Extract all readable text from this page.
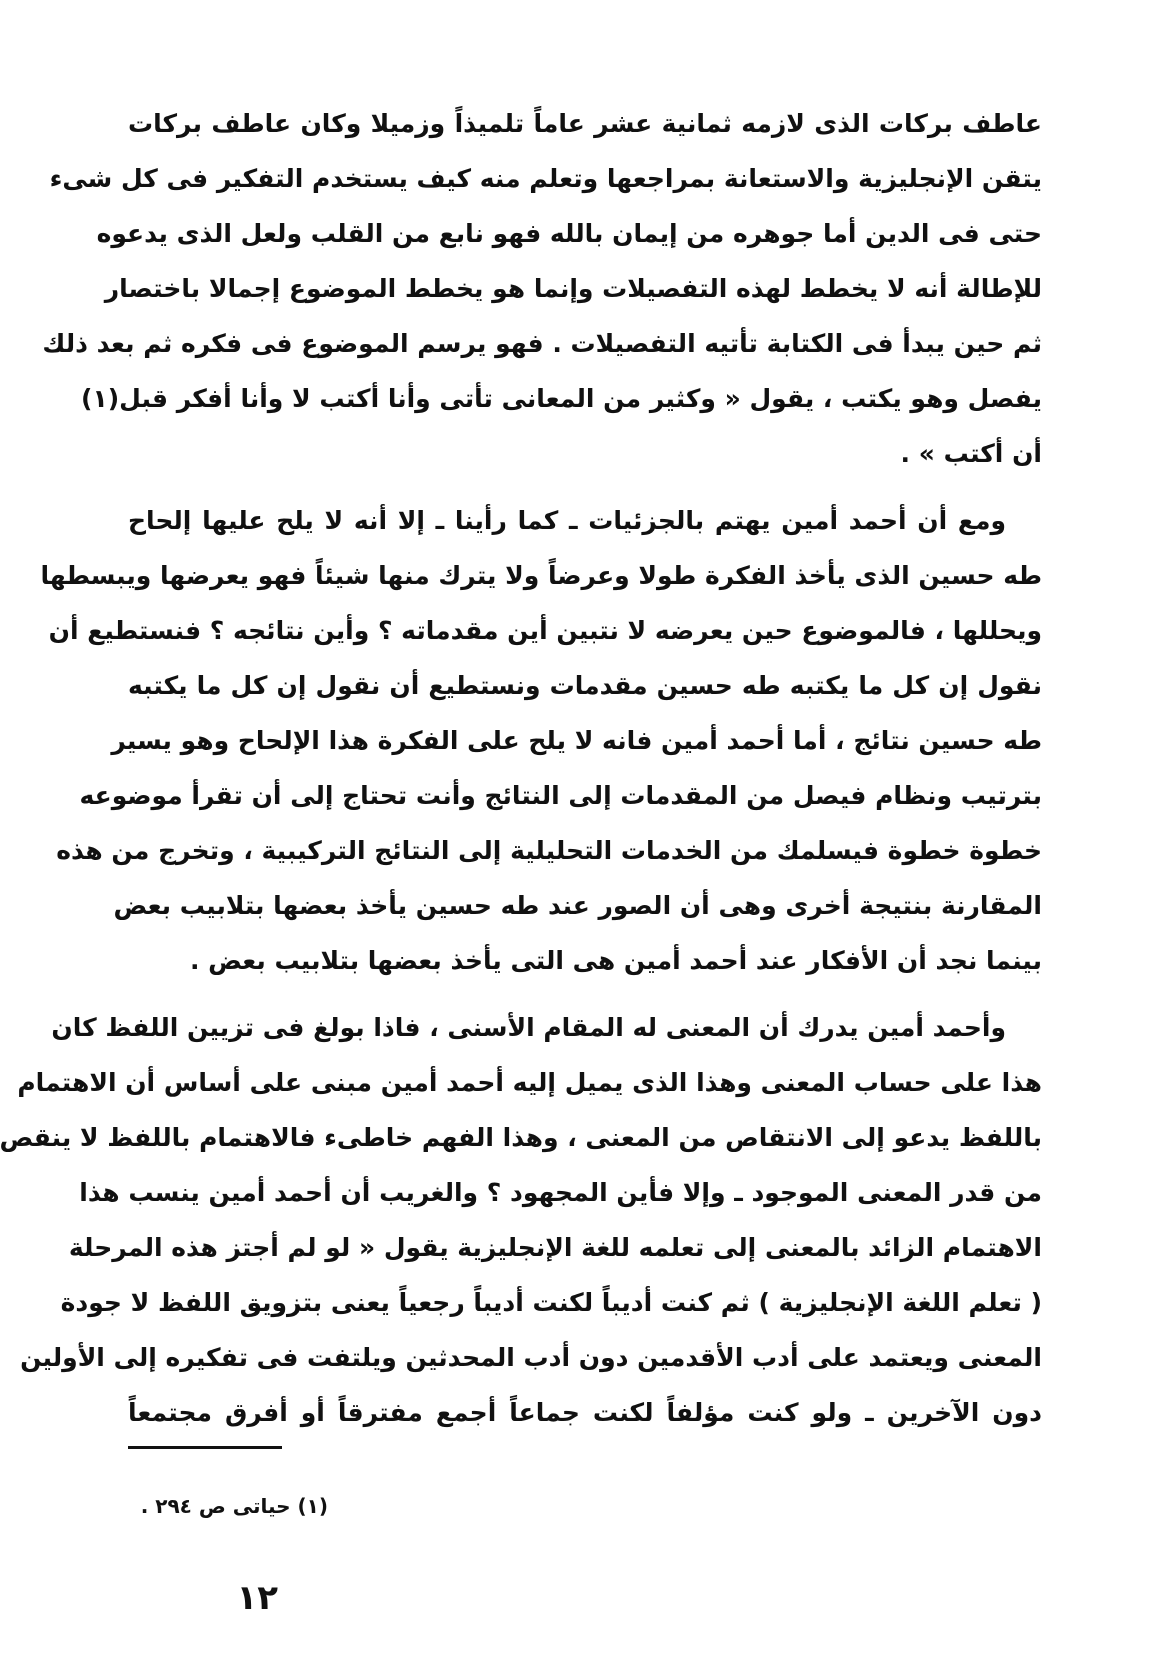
عاطف بركات الذى لازمه ثمانية عشر عاماً تلميذاً وزميلا وكان عاطف بركات
يتقن الإنجليزية والاستعانة بمراجعها وتعلم منه كيف يستخدم التفكير فى كل شىء
حتى فى الدين أما جوهره من إيمان بالله فهو نابع من القلب ولعل الذى يدعوه
للإطالة أنه لا يخطط لهذه التفصيلات وإنما هو يخطط الموضوع إجمالا باختصار
ثم حين يبدأ فى الكتابة تأتيه التفصيلات . فهو يرسم الموضوع فى فكره ثم بعد ذلك
يفصل وهو يكتب ، يقول « وكثير من المعانى تأتى وأنا أكتب لا وأنا أفكر قبل(١)
أن أكتب » .
ومع أن أحمد أمين يهتم بالجزئيات ـ كما رأينا ـ إلا أنه لا يلح عليها إلحاح
طه حسين الذى يأخذ الفكرة طولا وعرضاً ولا يترك منها شيئاً فهو يعرضها ويبسطها
ويحللها ، فالموضوع حين يعرضه لا نتبين أين مقدماته ؟ وأين نتائجه ؟ فنستطيع أن
نقول إن كل ما يكتبه طه حسين مقدمات ونستطيع أن نقول إن كل ما يكتبه
طه حسين نتائج ، أما أحمد أمين فانه لا يلح على الفكرة هذا الإلحاح وهو يسير
بترتيب ونظام فيصل من المقدمات إلى النتائج وأنت تحتاج إلى أن تقرأ موضوعه
خطوة خطوة فيسلمك من الخدمات التحليلية إلى النتائج التركيبية ، وتخرج من هذه
المقارنة بنتيجة أخرى وهى أن الصور عند طه حسين يأخذ بعضها بتلابيب بعض
بينما نجد أن الأفكار عند أحمد أمين هى التى يأخذ بعضها بتلابيب بعض .
وأحمد أمين يدرك أن المعنى له المقام الأسنى ، فاذا بولغ فى تزيين اللفظ كان
هذا على حساب المعنى وهذا الذى يميل إليه أحمد أمين مبنى على أساس أن الاهتمام
باللفظ يدعو إلى الانتقاص من المعنى ، وهذا الفهم خاطىء فالاهتمام باللفظ لا ينقص
من قدر المعنى الموجود ـ وإلا فأين المجهود ؟ والغريب أن أحمد أمين ينسب هذا
الاهتمام الزائد بالمعنى إلى تعلمه للغة الإنجليزية يقول « لو لم أجتز هذه المرحلة
( تعلم اللغة الإنجليزية ) ثم كنت أديباً لكنت أديباً رجعياً يعنى بتزويق اللفظ لا جودة
المعنى ويعتمد على أدب الأقدمين دون أدب المحدثين ويلتفت فى تفكيره إلى الأولين
دون الآخرين ـ ولو كنت مؤلفاً لكنت جماعاً أجمع مفترقاً أو أفرق مجتمعاً
(١) حياتى ص ٢٩٤ .
١٢
